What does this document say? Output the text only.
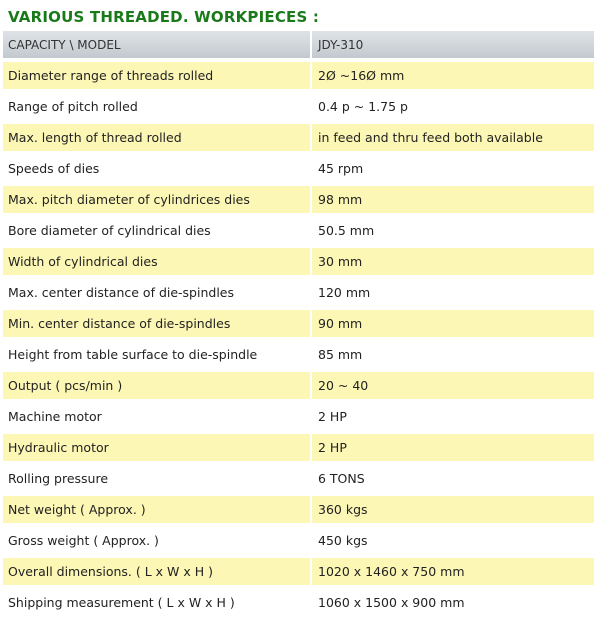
VARIOUS THREADED. WORKPIECES :
CAPACITY \ MODEL	JDY-310
Diameter range of threads rolled	2Ø ~16Ø mm
Range of pitch rolled	0.4 p ~ 1.75 p
Max. length of thread rolled	in feed and thru feed both available
Speeds of dies	45 rpm
Max. pitch diameter of cylindrices dies	98 mm
Bore diameter of cylindrical dies	50.5 mm
Width of cylindrical dies	30 mm
Max. center distance of die-spindles	120 mm
Min. center distance of die-spindles	90 mm
Height from table surface to die-spindle	85 mm
Output ( pcs/min )	20 ~ 40
Machine motor	2 HP
Hydraulic motor	2 HP
Rolling pressure	6 TONS
Net weight ( Approx. )	360 kgs
Gross weight ( Approx. )	450 kgs
Overall dimensions. ( L x W x H )	1020 x 1460 x 750 mm
Shipping measurement ( L x W x H )	1060 x 1500 x 900 mm
